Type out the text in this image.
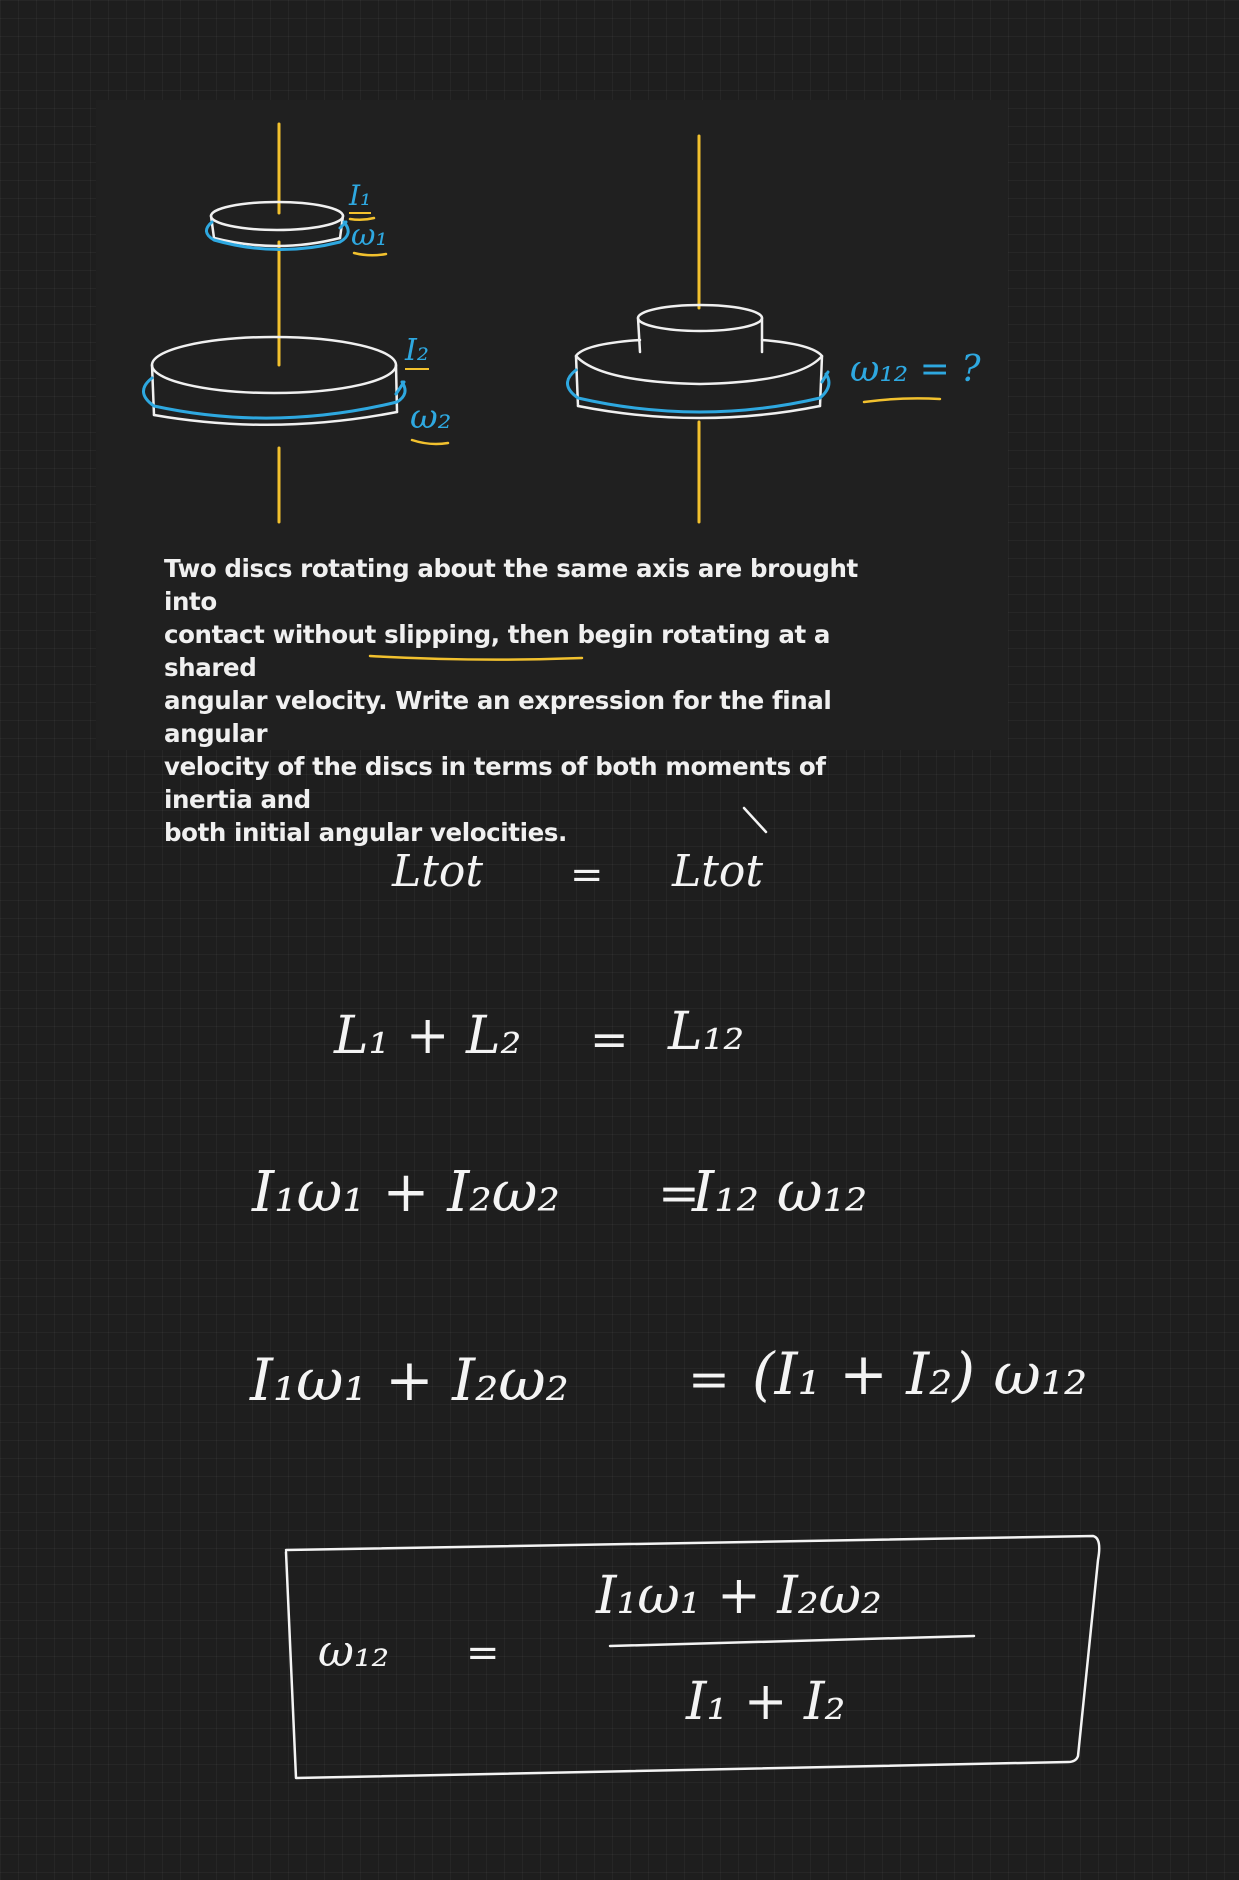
I₁
ω₁
I₂
ω₂
ω₁₂ = ?
Two discs rotating about the same axis are brought into
contact without slipping, then begin rotating at a shared
angular velocity. Write an expression for the final angular
velocity of the discs in terms of both moments of inertia and
both initial angular velocities.
Ltot = Ltot
L₁ + L₂ = L₁₂
I₁ω₁ + I₂ω₂ =
I₁₂ ω₁₂
I₁ω₁ + I₂ω₂ = (I₁ + I₂) ω₁₂
ω₁₂ =
I₁ω₁ + I₂ω₂
I₁ + I₂
